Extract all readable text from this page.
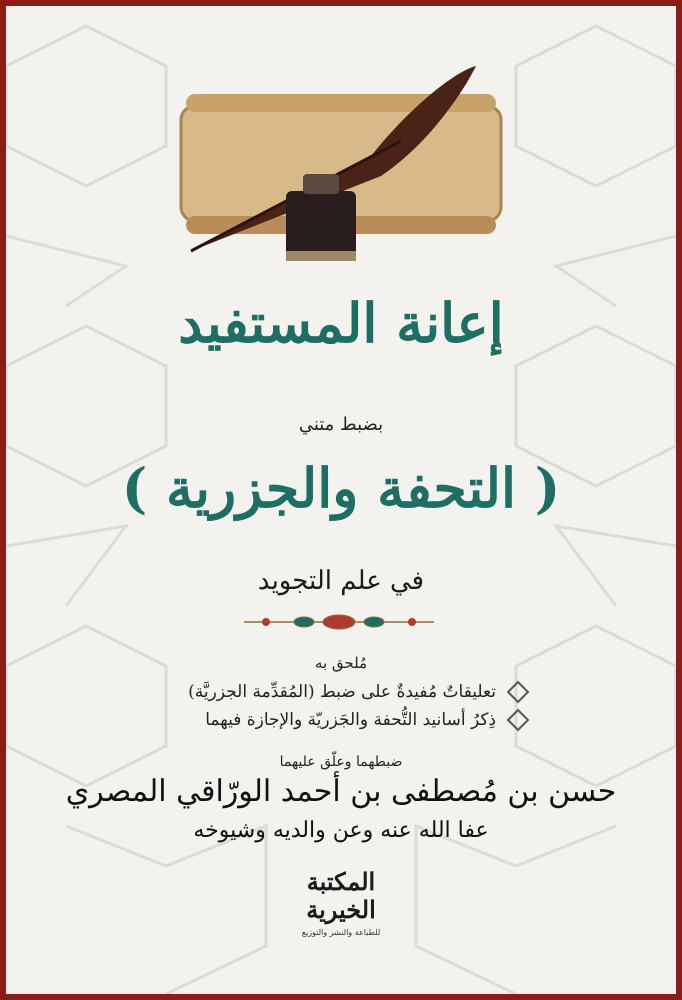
إعانة المستفيد
بضبط متني
( التحفة والجزرية )
في علم التجويد
مُلحق به
تعليقاتٌ مُفيدةٌ على ضبط (المُقدِّمة الجزريَّة)
ذِكرُ أسانيد التُّحفة والجَزريّة والإجازة فيهما
ضبطهما وعلّق عليهما
حسن بن مُصطفى بن أحمد الورّاقي المصري
عفا الله عنه وعن والديه وشيوخه
المكتبة الخيرية
للطباعة والنشر والتوزيع
